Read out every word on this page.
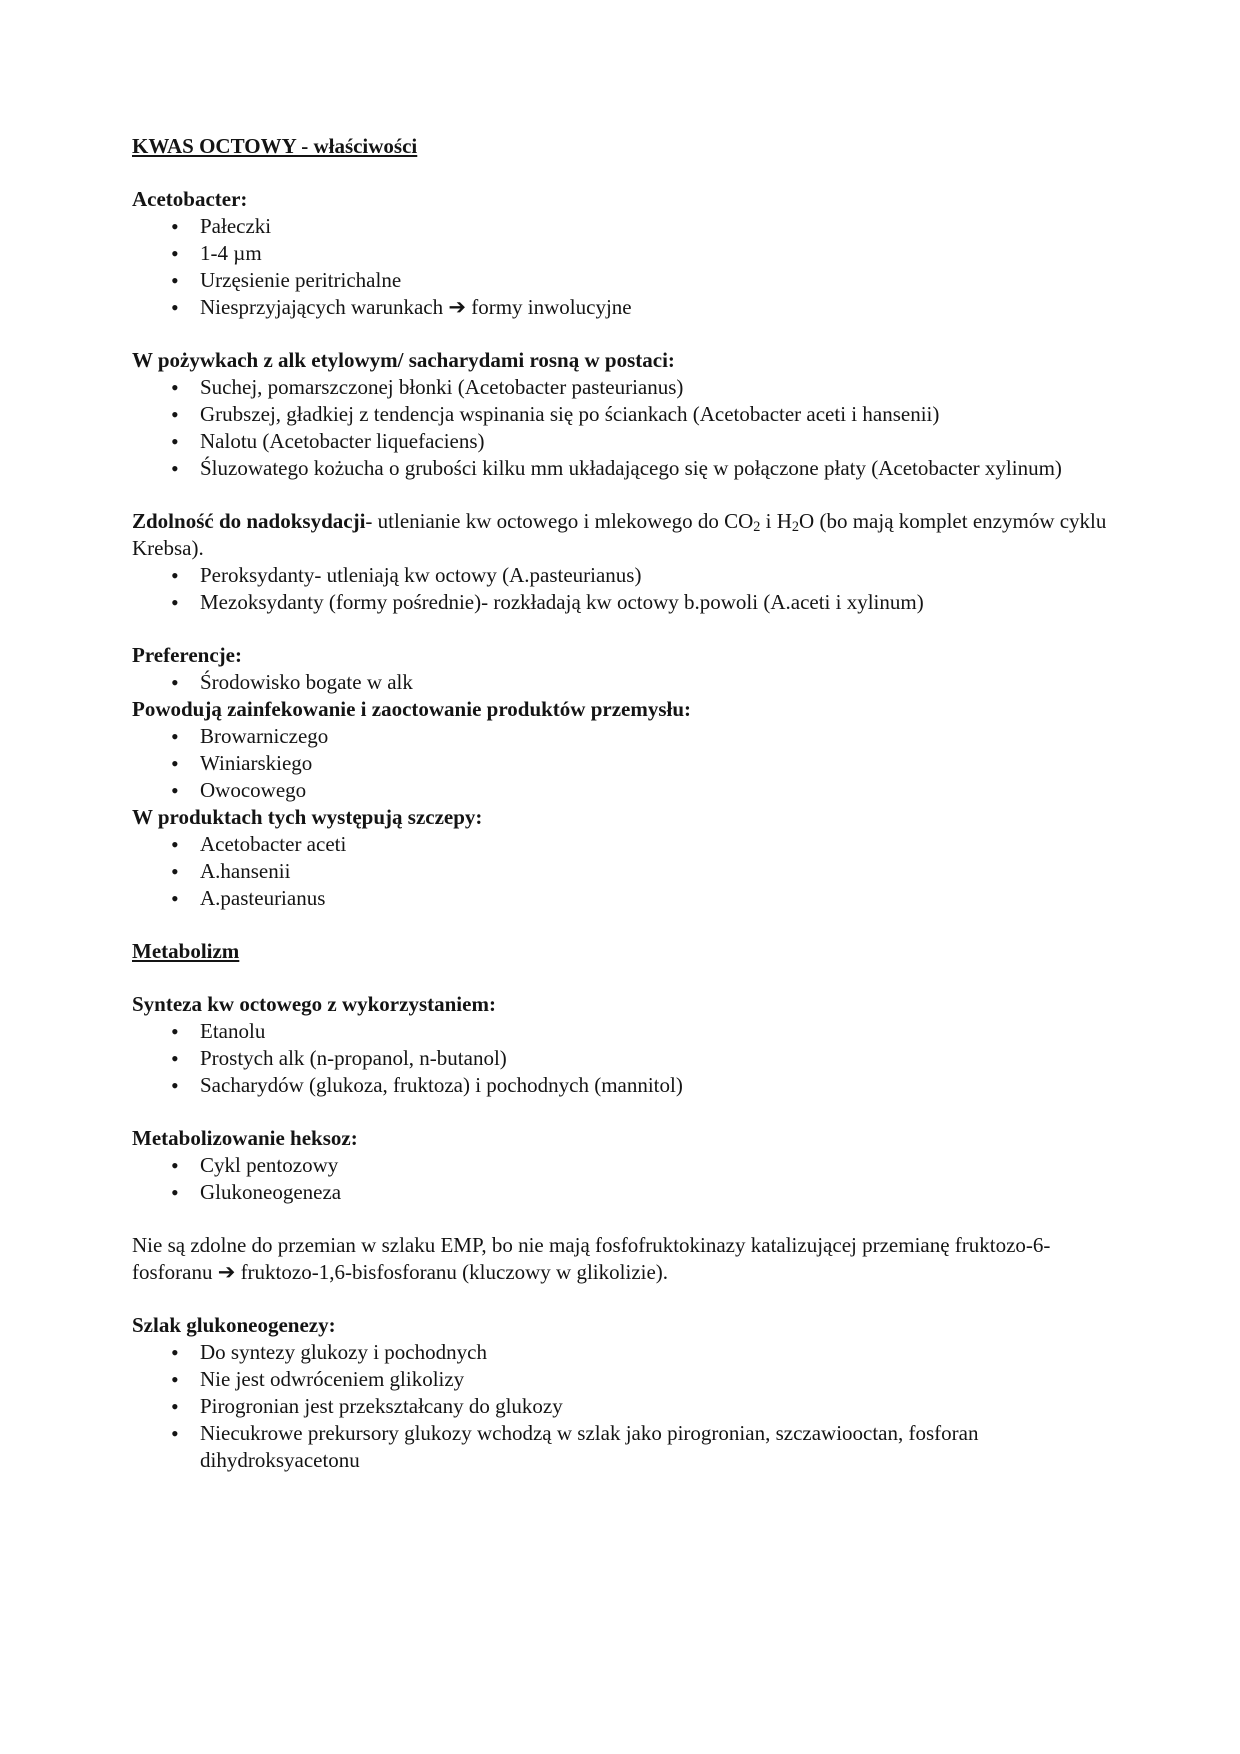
KWAS OCTOWY - właściwości
Acetobacter:
• Pałeczki
• 1-4 µm
• Urzęsienie peritrichalne
• Niesprzyjających warunkach ➔ formy inwolucyjne
W pożywkach z alk etylowym/ sacharydami rosną w postaci:
• Suchej, pomarszczonej błonki (Acetobacter pasteurianus)
• Grubszej, gładkiej z tendencja wspinania się po ściankach (Acetobacter aceti i hansenii)
• Nalotu (Acetobacter liquefaciens)
• Śluzowatego kożucha o grubości kilku mm układającego się w połączone płaty (Acetobacter xylinum)
Zdolność do nadoksydacji- utlenianie kw octowego i mlekowego do $CO_2$ i $H_2O$ (bo mają komplet enzymów cyklu Krebsa).
• Peroksydanty- utleniają kw octowy (A.pasteurianus)
• Mezoksydanty (formy pośrednie)- rozkładają kw octowy b.powoli (A.aceti i xylinum)
Preferencje:
• Środowisko bogate w alk
Powodują zainfekowanie i zaoctowanie produktów przemysłu:
• Browarniczego
• Winiarskiego
• Owocowego
W produktach tych występują szczepy:
• Acetobacter aceti
• A.hansenii
• A.pasteurianus
Metabolizm
Synteza kw octowego z wykorzystaniem:
• Etanolu
• Prostych alk (n-propanol, n-butanol)
• Sacharydów (glukoza, fruktoza) i pochodnych (mannitol)
Metabolizowanie heksoz:
• Cykl pentozowy
• Glukoneogeneza
Nie są zdolne do przemian w szlaku EMP, bo nie mają fosfofruktokinazy katalizującej przemianę fruktozo-6-fosforanu ➔ fruktozo-1,6-bisfosforanu (kluczowy w glikolizie).
Szlak glukoneogenezy:
• Do syntezy glukozy i pochodnych
• Nie jest odwróceniem glikolizy
• Pirogronian jest przekształcany do glukozy
• Niecukrowe prekursory glukozy wchodzą w szlak jako pirogronian, szczawiooctan, fosforan dihydroksyacetonu
